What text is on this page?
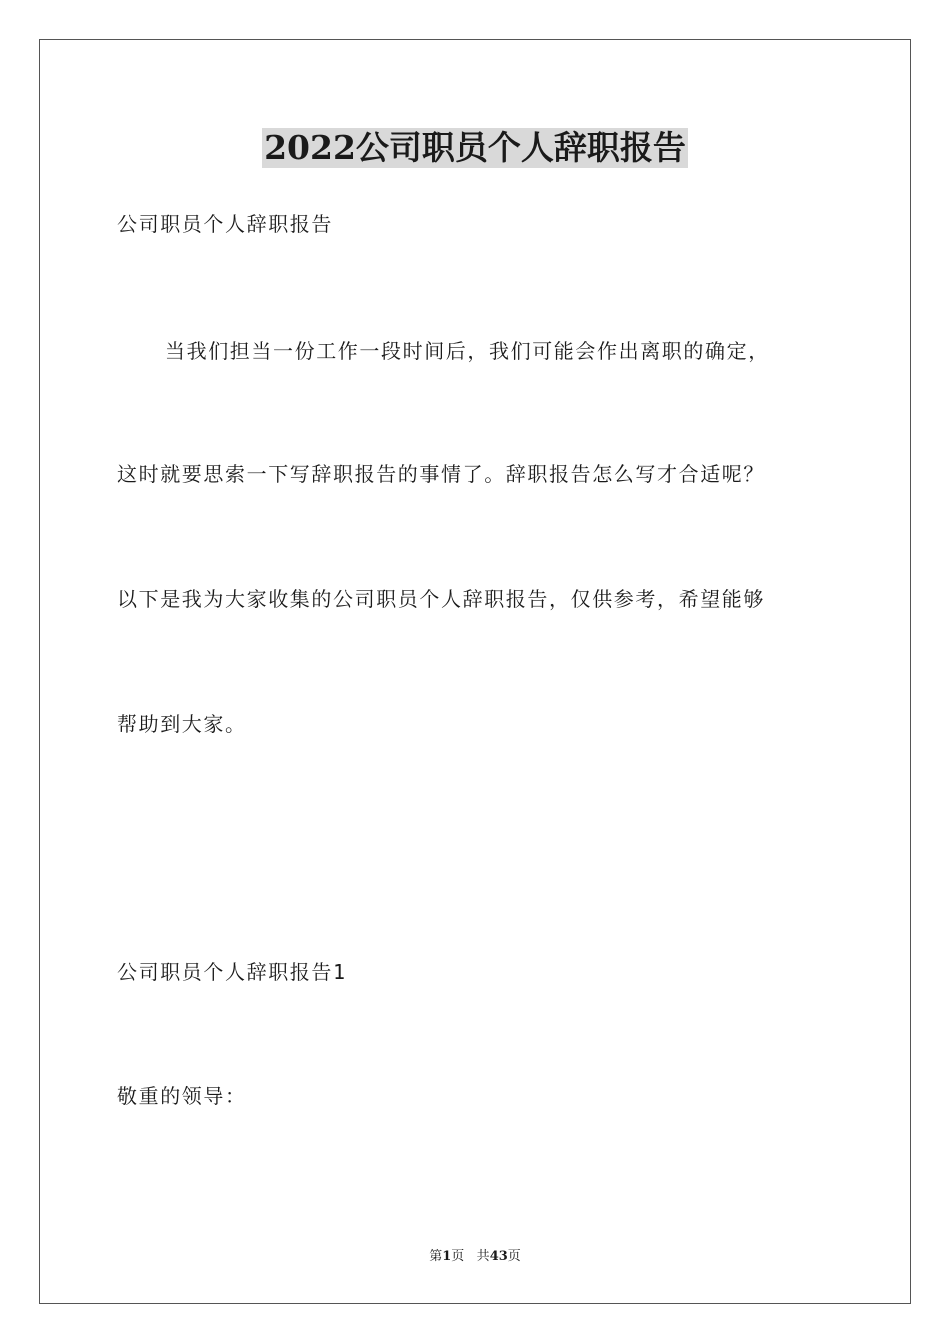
2022公司职员个人辞职报告

公司职员个人辞职报告

当我们担当一份工作一段时间后，我们可能会作出离职的确定，

这时就要思索一下写辞职报告的事情了。辞职报告怎么写才合适呢？

以下是我为大家收集的公司职员个人辞职报告，仅供参考，希望能够

帮助到大家。

公司职员个人辞职报告1

敬重的领导：

第1页 共43页
